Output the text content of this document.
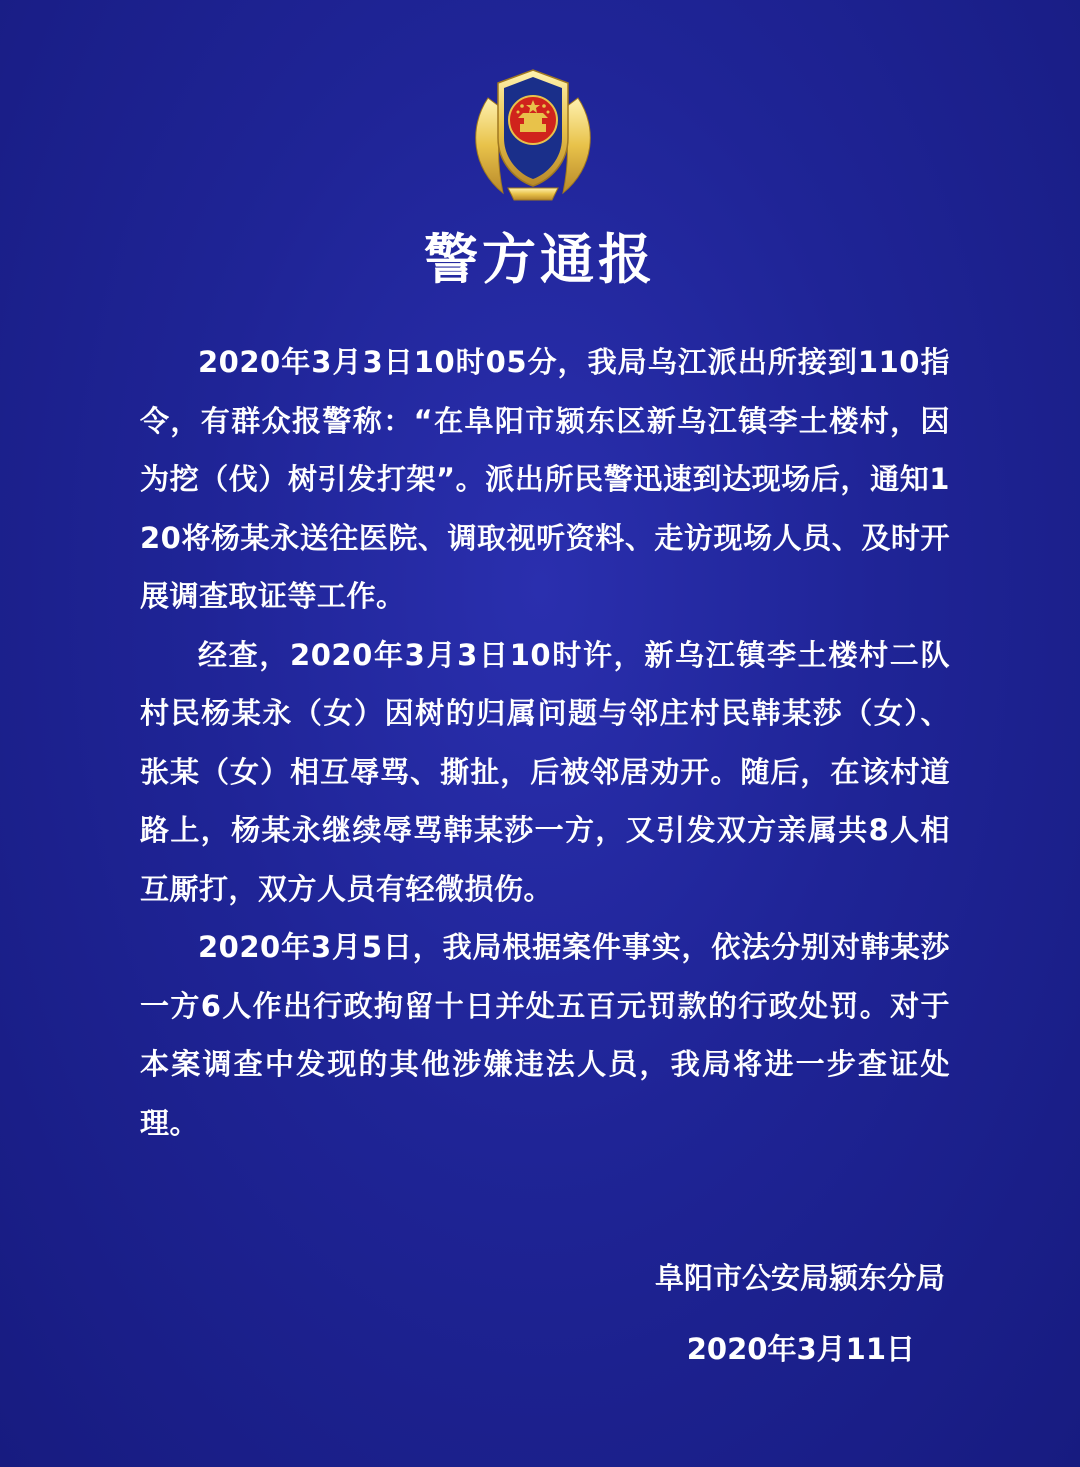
警方通报

2020年3月3日10时05分，我局乌江派出所接到110指令，有群众报警称：“在阜阳市颍东区新乌江镇李土楼村，因为挖（伐）树引发打架”。派出所民警迅速到达现场后，通知120将杨某永送往医院、调取视听资料、走访现场人员、及时开展调查取证等工作。

经查，2020年3月3日10时许，新乌江镇李土楼村二队村民杨某永（女）因树的归属问题与邻庄村民韩某莎（女）、张某（女）相互辱骂、撕扯，后被邻居劝开。随后，在该村道路上，杨某永继续辱骂韩某莎一方，又引发双方亲属共8人相互厮打，双方人员有轻微损伤。

2020年3月5日，我局根据案件事实，依法分别对韩某莎一方6人作出行政拘留十日并处五百元罚款的行政处罚。对于本案调查中发现的其他涉嫌违法人员，我局将进一步查证处理。

阜阳市公安局颍东分局
2020年3月11日
